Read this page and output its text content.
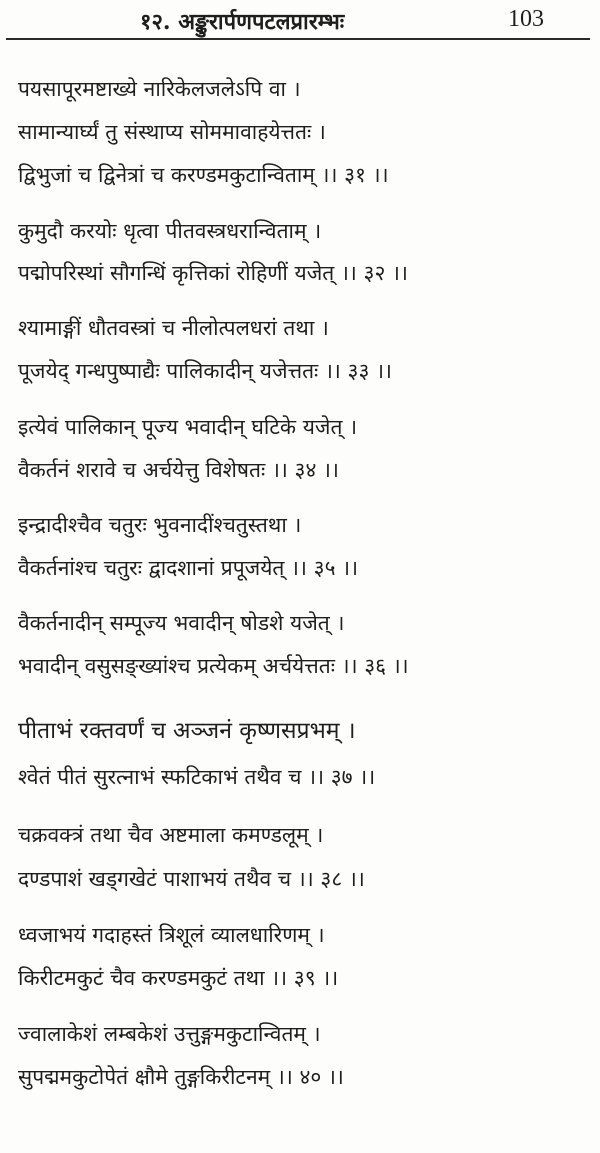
१२. अङ्कुरार्पणपटलप्रारम्भः	103
पयसापूरमष्टाख्ये नारिकेलजलेऽपि वा ।
सामान्यार्घ्यं तु संस्थाप्य सोममावाहयेत्ततः ।
द्विभुजां च द्विनेत्रां च करण्डमकुटान्विताम् ।। ३१ ।।
कुमुदौ करयोः धृत्वा पीतवस्त्रधरान्विताम् ।
पद्मोपरिस्थां सौगन्धिं कृत्तिकां रोहिणीं यजेत् ।। ३२ ।।
श्यामाङ्गीं धौतवस्त्रां च नीलोत्पलधरां तथा ।
पूजयेद् गन्धपुष्पाद्यैः पालिकादीन् यजेत्ततः ।। ३३ ।।
इत्येवं पालिकान् पूज्य भवादीन् घटिके यजेत् ।
वैकर्तनं शरावे च अर्चयेत्तु विशेषतः ।। ३४ ।।
इन्द्रादीश्चैव चतुरः भुवनादींश्चतुस्तथा ।
वैकर्तनांश्च चतुरः द्वादशानां प्रपूजयेत् ।। ३५ ।।
वैकर्तनादीन् सम्पूज्य भवादीन् षोडशे यजेत् ।
भवादीन् वसुसङ्ख्यांश्च प्रत्येकम् अर्चयेत्ततः ।। ३६ ।।
पीताभं रक्तवर्णं च अञ्जनं कृष्णसप्रभम् ।
श्वेतं पीतं सुरत्नाभं स्फटिकाभं तथैव च ।। ३७ ।।
चक्रवक्त्रं तथा चैव अष्टमाला कमण्डलूम् ।
दण्डपाशं खड्गखेटं पाशाभयं तथैव च ।। ३८ ।।
ध्वजाभयं गदाहस्तं त्रिशूलं व्यालधारिणम् ।
किरीटमकुटं चैव करण्डमकुटं तथा ।। ३९ ।।
ज्वालाकेशं लम्बकेशं उत्तुङ्गमकुटान्वितम् ।
सुपद्ममकुटोपेतं क्षौमे तुङ्गकिरीटनम् ।। ४० ।।
